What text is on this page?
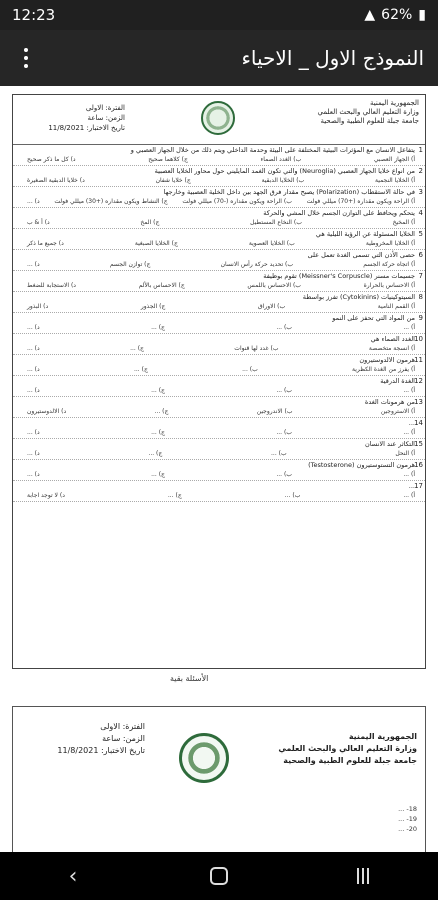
12:23	▲ 62% ▮
النموذج الاول _ الاحياء
الجمهورية اليمنية
وزارة التعليم العالي والبحث العلمي
جامعة جبلة للعلوم الطبية والصحية
الفترة: الاولى
الزمن: ساعة
تاريخ الاختبار: 11/8/2021
1
يتفاعل الانسان مع المؤثرات البيئية المختلفة على البيئة وحدمة الداخلي ويتم ذلك من خلال الجهاز العصبي و
أ) الجهاز العصبي
ب) الغدد الصماء
ج) كلاهما صحيح
د) كل ما ذكر صحيح
2
من انواع خلايا الجهاز العصبي (Neuroglia) والتي تكون الغمد المايليني حول محاور الخلايا العصبية
أ) الخلايا النجمية
ب) الخلايا الدبقية
ج) خلايا شفان
د) خلايا الدبقية الصغيرة
3
في حالة الاستقطاب (Polarization) يصبح مقدار فرق الجهد بين داخل الخلية العصبية وخارجها
أ) الراحة ويكون مقداره (+70) ميللي فولت
ب) الراحة ويكون مقداره (-70) ميللي فولت
ج) النشاط ويكون مقداره (+30) ميللي فولت
د) ...
4
يتحكم ويحافظ على التوازن الجسم خلال المشي والحركة
أ) المخيخ
ب) النخاع المستطيل
ج) المخ
د) أ & ب
5
الخلايا المسئولة عن الرؤية الليلية هي
أ) الخلايا المخروطية
ب) الخلايا العصوية
ج) الخلايا الصبغية
د) جميع ما ذكر
6
حصى الأذن التي تسمى الغدة تعمل على
أ) اتجاه حركة الجسم
ب) تحديد حركة رأس الانسان
ج) توازن الجسم
د) ...
7
جسيمات مسنر (Meissner's Corpuscle) تقوم بوظيفة
أ) الاحساس بالحرارة
ب) الاحساس باللمس
ج) الاحساس بالألم
د) الاستجابة للضغط
8
السيتوكينيات (Cytokinins) تفرز بواسطة
أ) القمم النامية
ب) الاوراق
ج) الجذور
د) البذور
9
من المواد التي تحفز على النمو
أ) ...
ب) ...
ج) ...
د) ...
10
الغدد الصماء هي
أ) انسجة متخصصة
ب) غدد لها قنوات
ج) ...
د) ...
11
هرمون الالدوستيرون
أ) يفرز من الغدة الكظرية
ب) ...
ج) ...
د) ...
12
الغدة الدرقية
أ) ...
ب) ...
ج) ...
د) ...
13
من هرمونات الغدة
أ) الاستروجين
ب) الاندروجين
ج) ...
د) الالدوستيرون
14
...
أ) ...
ب) ...
ج) ...
د) ...
15
التكاثر عند الانسان
أ) النحل
ب) ...
ج) ...
د) ...
16
هرمون التستوستيرون (Testosterone)
أ) ...
ب) ...
ج) ...
د) ...
17
...
أ) ...
ب) ...
ج) ...
د) لا توجد اجابة
الأسئلة بقية
الجمهورية اليمنية
وزارة التعليم العالي والبحث العلمي
جامعة جبلة للعلوم الطبية والصحية
الفترة: الاولى
الزمن: ساعة
تاريخ الاختبار: 11/8/2021
18- ...
19- ...
20- ...
‹
